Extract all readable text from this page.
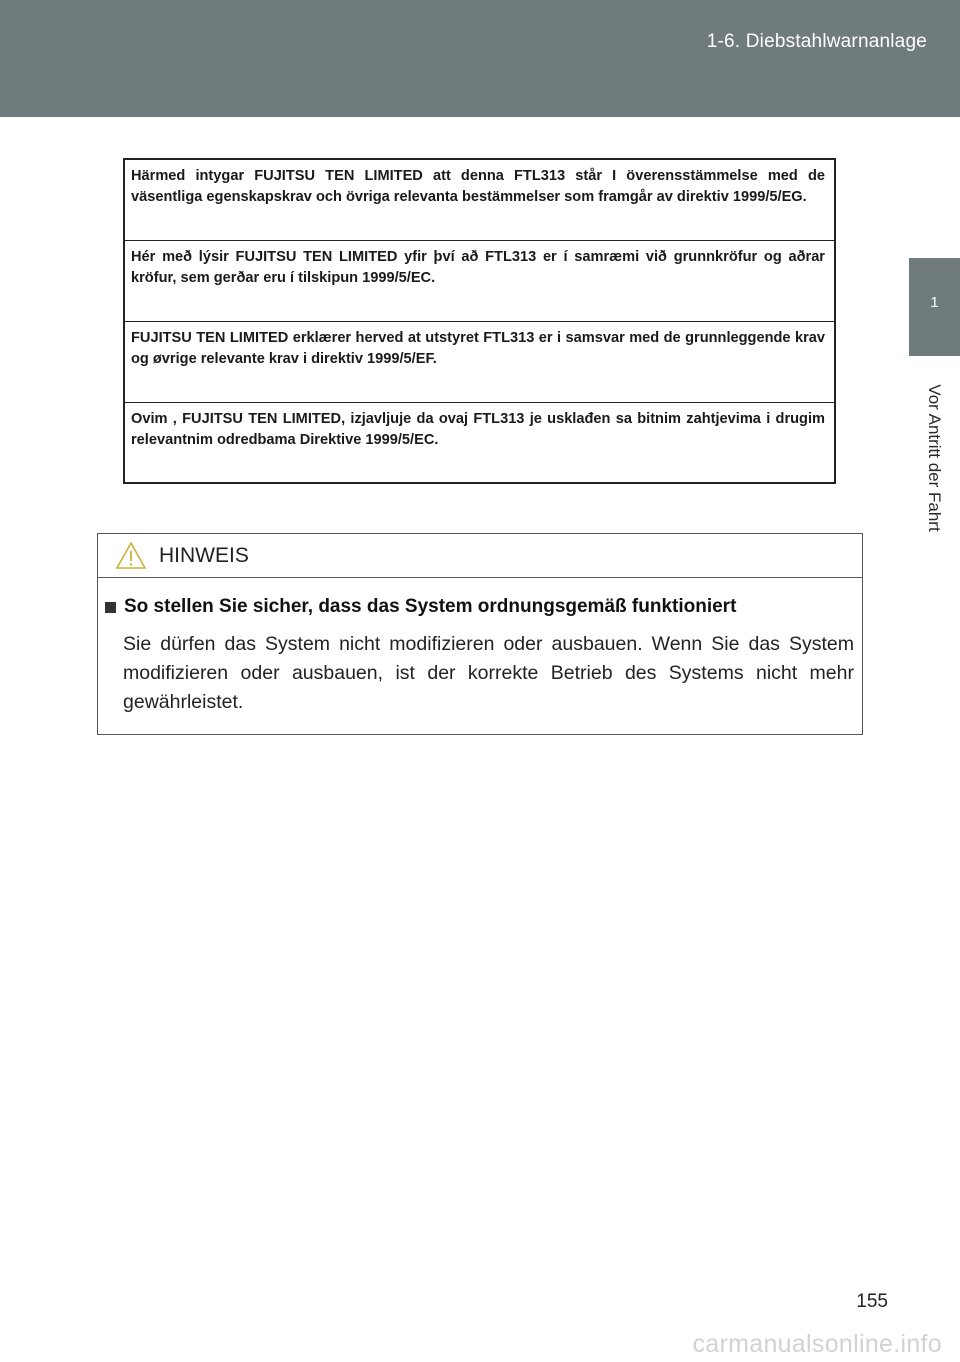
1-6. Diebstahlwarnanlage
1
Vor Antritt der Fahrt
Härmed intygar FUJITSU TEN LIMITED att denna FTL313 står I överensstämmelse med de väsentliga egenskapskrav och övriga relevanta bestämmelser som framgår av direktiv 1999/5/EG.
Hér með lýsir FUJITSU TEN LIMITED yfir því að FTL313 er í samræmi við grunnkröfur og aðrar kröfur, sem gerðar eru í tilskipun 1999/5/EC.
FUJITSU TEN LIMITED erklærer herved at utstyret FTL313 er i samsvar med de grunnleggende krav og øvrige relevante krav i direktiv 1999/5/EF.
Ovim , FUJITSU TEN LIMITED, izjavljuje da ovaj FTL313 je usklađen sa bitnim zahtjevima i drugim relevantnim odredbama Direktive 1999/5/EC.
HINWEIS
So stellen Sie sicher, dass das System ordnungsgemäß funktioniert
Sie dürfen das System nicht modifizieren oder ausbauen. Wenn Sie das System modifizieren oder ausbauen, ist der korrekte Betrieb des Systems nicht mehr gewährleistet.
155
carmanualsonline.info
